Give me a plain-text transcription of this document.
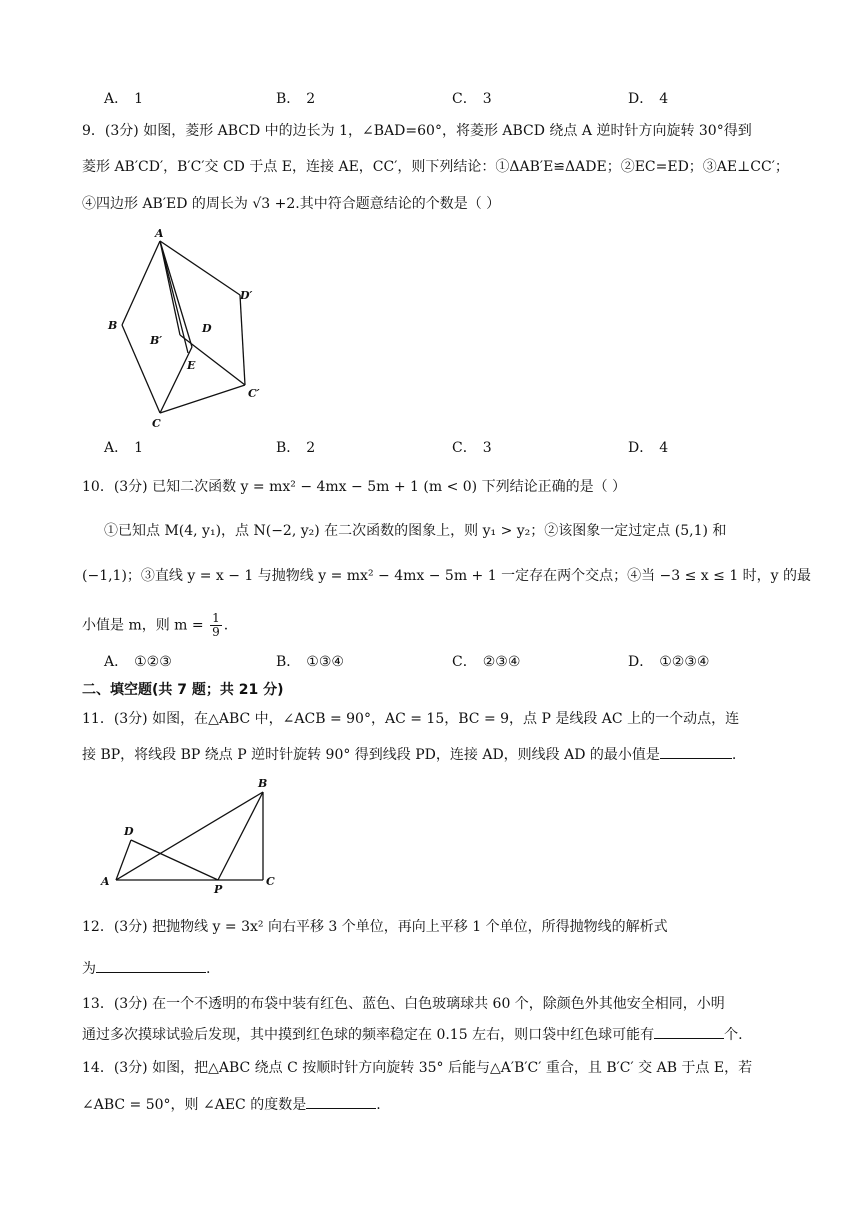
A． 1	B． 2	C． 3	D． 4
9．(3分) 如图，菱形 ABCD 中的边长为 1，∠BAD=60°，将菱形 ABCD 绕点 A 逆时针方向旋转 30°得到
菱形 AB′CD′，B′C′交 CD 于点 E，连接 AE，CC′，则下列结论：①ΔAB′E≌ΔADE；②EC=ED；③AE⊥CC′；
④四边形 AB′ED 的周长为 √3 +2.其中符合题意结论的个数是（ ）
A
B
B′
D
D′
E
C
C′
A． 1	B． 2	C． 3	D． 4
10．(3分) 已知二次函数 y = mx² − 4mx − 5m + 1 (m < 0) 下列结论正确的是（ ）
①已知点 M(4, y₁)，点 N(−2, y₂) 在二次函数的图象上，则 y₁ > y₂；②该图象一定过定点 (5,1) 和
(−1,1)；③直线 y = x − 1 与抛物线 y = mx² − 4mx − 5m + 1 一定存在两个交点；④当 −3 ≤ x ≤ 1 时，y 的最
小值是 m，则 $m = \frac{1}{9}$ .
A． ①②③	B． ①③④	C． ②③④	D． ①②③④
二、填空题(共 7 题；共 21 分)
11．(3分) 如图，在△ABC 中，∠ACB = 90°，AC = 15，BC = 9，点 P 是线段 AC 上的一个动点，连
接 BP，将线段 BP 绕点 P 逆时针旋转 90° 得到线段 PD，连接 AD，则线段 AD 的最小值是	.
B
D
A
P
C
12．(3分) 把抛物线 y = 3x² 向右平移 3 个单位，再向上平移 1 个单位，所得抛物线的解析式
为	.
13．(3分) 在一个不透明的布袋中装有红色、蓝色、白色玻璃球共 60 个，除颜色外其他安全相同，小明
通过多次摸球试验后发现，其中摸到红色球的频率稳定在 0.15 左右，则口袋中红色球可能有	个.
14．(3分) 如图，把△ABC 绕点 C 按顺时针方向旋转 35° 后能与△A′B′C′ 重合，且 B′C′ 交 AB 于点 E，若
∠ABC = 50°，则 ∠AEC 的度数是	.
